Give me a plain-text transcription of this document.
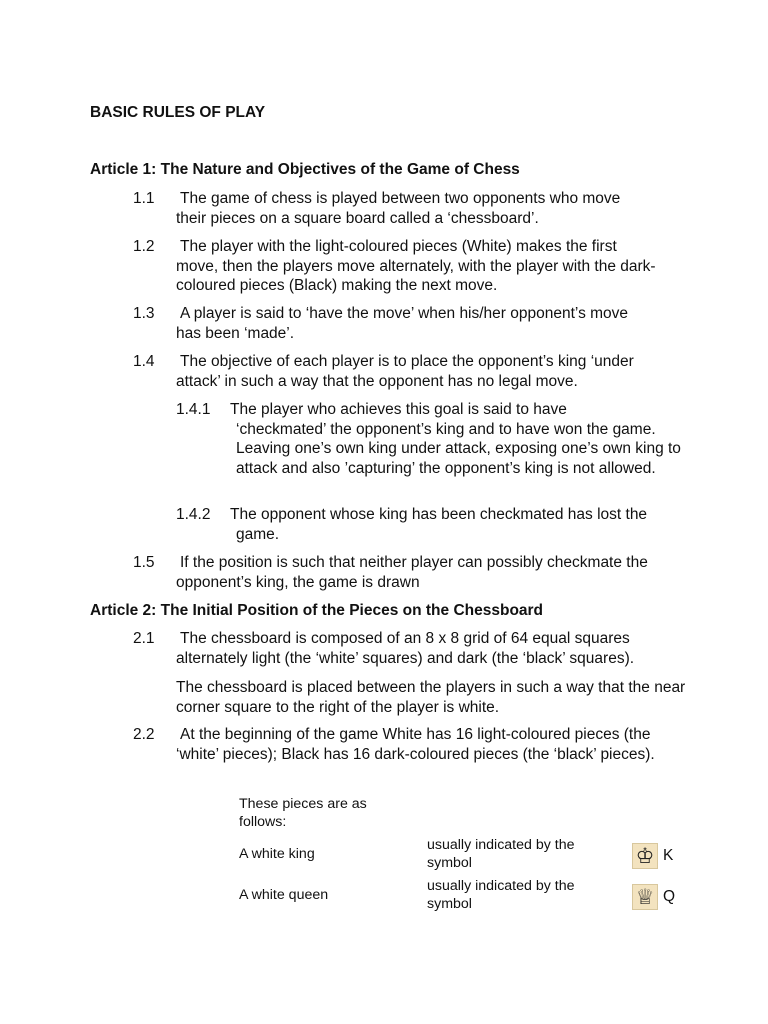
BASIC RULES OF PLAY
Article 1: The Nature and Objectives of the Game of Chess
1.1 The game of chess is played between two opponents who move
their pieces on a square board called a ‘chessboard’.
1.2 The player with the light-coloured pieces (White) makes the first
move, then the players move alternately, with the player with the dark-coloured pieces (Black) making the next move.
1.3 A player is said to ‘have the move’ when his/her opponent’s move
has been ‘made’.
1.4 The objective of each player is to place the opponent’s king ‘under
attack’ in such a way that the opponent has no legal move.
1.4.1 The player who achieves this goal is said to have
‘checkmated’ the opponent’s king and to have won the game. Leaving one’s own king under attack, exposing one’s own king to attack and also ’capturing’ the opponent’s king is not allowed.
1.4.2 The opponent whose king has been checkmated has lost the
game.
1.5 If the position is such that neither player can possibly checkmate the
opponent’s king, the game is drawn
Article 2: The Initial Position of the Pieces on the Chessboard
2.1 The chessboard is composed of an 8 x 8 grid of 64 equal squares
alternately light (the ‘white’ squares) and dark (the ‘black’ squares).
The chessboard is placed between the players in such a way that the near corner square to the right of the player is white.
2.2 At the beginning of the game White has 16 light-coloured pieces (the
‘white’ pieces); Black has 16 dark-coloured pieces (the ‘black’ pieces).
These pieces are as follows:
A white king
usually indicated by the symbol	♔ K
A white queen
usually indicated by the symbol	♕ Q
